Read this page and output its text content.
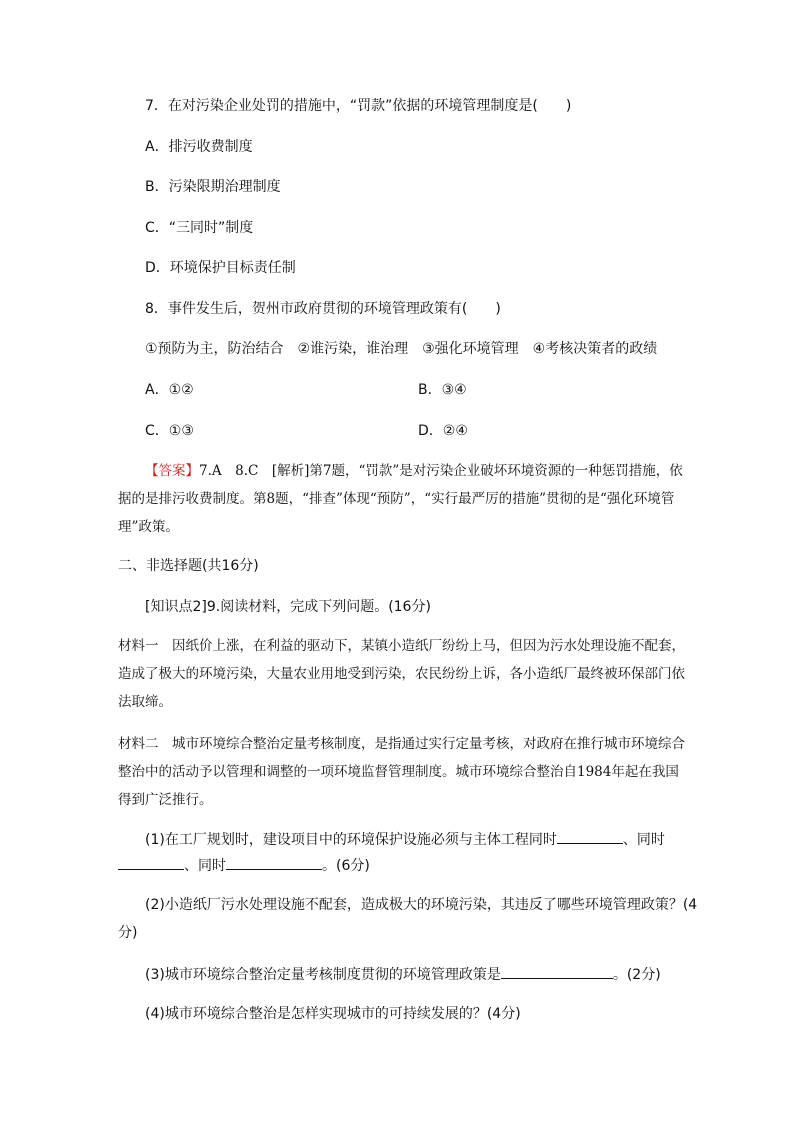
7．在对污染企业处罚的措施中，“罚款”依据的环境管理制度是(　　)
A．排污收费制度
B．污染限期治理制度
C．“三同时”制度
D．环境保护目标责任制
8．事件发生后，贺州市政府贯彻的环境管理政策有(　　)
①预防为主，防治结合　②谁污染，谁治理　③强化环境管理　④考核决策者的政绩
A．①②	B．③④
C．①③	D．②④
【答案】7.A　8.C　[解析]第7题，“罚款”是对污染企业破坏环境资源的一种惩罚措施，依据的是排污收费制度。第8题，“排查”体现“预防”，“实行最严厉的措施”贯彻的是“强化环境管理”政策。
二、非选择题(共16分)
[知识点2]9.阅读材料，完成下列问题。(16分)
材料一　因纸价上涨，在利益的驱动下，某镇小造纸厂纷纷上马，但因为污水处理设施不配套，造成了极大的环境污染，大量农业用地受到污染，农民纷纷上诉，各小造纸厂最终被环保部门依法取缔。
材料二　城市环境综合整治定量考核制度，是指通过实行定量考核，对政府在推行城市环境综合整治中的活动予以管理和调整的一项环境监督管理制度。城市环境综合整治自1984年起在我国得到广泛推行。
(1)在工厂规划时，建设项目中的环境保护设施必须与主体工程同时	、同时
、同时	。(6分)
(2)小造纸厂污水处理设施不配套，造成极大的环境污染，其违反了哪些环境管理政策？(4分)
(3)城市环境综合整治定量考核制度贯彻的环境管理政策是	。(2分)
(4)城市环境综合整治是怎样实现城市的可持续发展的？(4分)
